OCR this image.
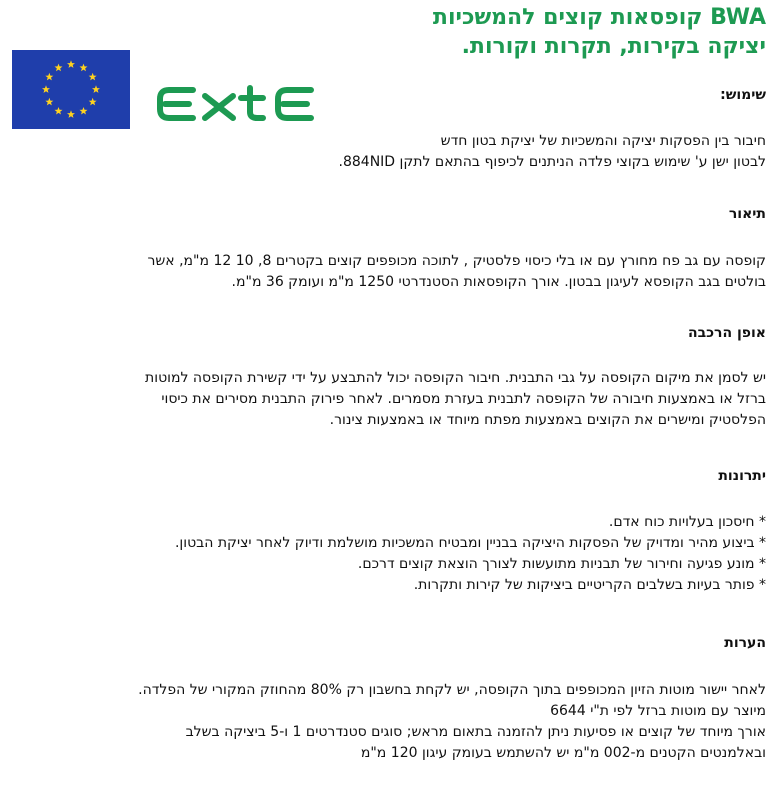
BWA קופסאות קוצים להמשכיות
יציקה בקירות, תקרות וקורות.
שימוש:

חיבור בין הפסקות יציקה והמשכיות של יציקת בטון חדש

לבטון ישן ע' שימוש בקוצי פלדה הניתנים לכיפוף בהתאם לתקן 884NID.

תיאור

קופסה עם גב פח מחורץ עם או בלי כיסוי פלסטיק , לתוכה מכופפים קוצים בקטרים 8, 10 12 מ"מ, אשר

בולטים בגב הקופסא לעיגון בבטון. אורך הקופסאות הסטנדרטי 1250 מ"מ ועומק 36 מ"מ.

אופן הרכבה

יש לסמן את מיקום הקופסה על גבי התבנית. חיבור הקופסה יכול להתבצע על ידי קשירת הקופסה למוטות

ברזל או באמצעות חיבורה של הקופסה לתבנית בעזרת מסמרים. לאחר פירוק התבנית מסירים את כיסוי

הפלסטיק ומישרים את הקוצים באמצעות מפתח מיוחד או באמצעות צינור.

יתרונות

* חיסכון בעלויות כוח אדם.

* ביצוע מהיר ומדויק של הפסקות היציקה בבניין ומבטיח המשכיות מושלמת ודיוק לאחר יציקת הבטון.

* מונע פגיעה וחירור של תבניות מתועשות לצורך הוצאת קוצים דרכם.

* פותר בעיות בשלבים הקריטיים ביציקות של קירות ותקרות.

הערות

לאחר יישור מוטות הזיון המכופפים בתוך הקופסה, יש לקחת בחשבון רק 80% מהחוזק המקורי של הפלדה.

מיוצר עם מוטות ברזל לפי ת"י 6644

אורך מיוחד של קוצים או פסיעות ניתן להזמנה בתאום מראש; סוגים סטנדרטים 1 ו-5 ביציקה בשלב

ובאלמנטים הקטנים מ-002 מ"מ יש להשתמש בעומק עיגון 120 מ"מ
